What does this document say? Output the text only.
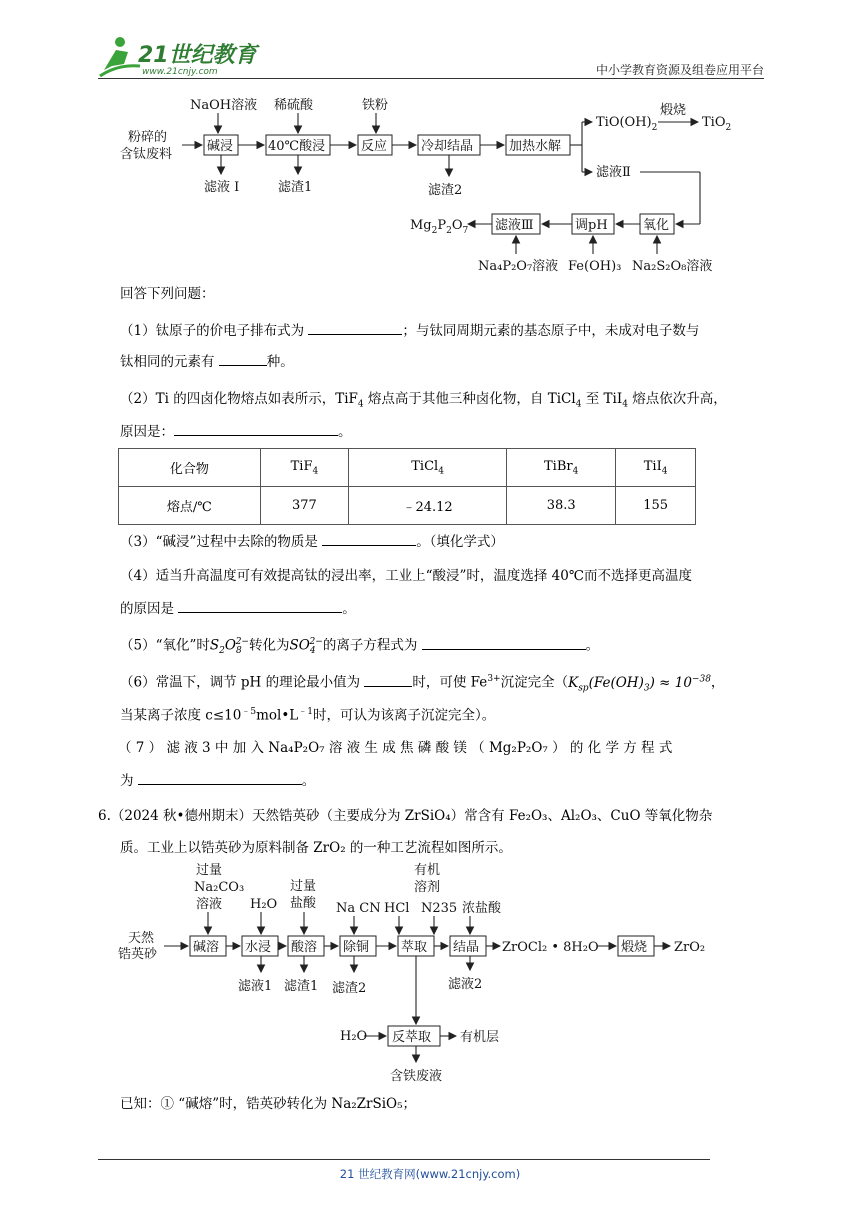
21世纪教育
www.21cnjy.com	中小学教育资源及组卷应用平台
粉碎的
含钛废料
NaOH溶液 稀硫酸	铁粉
碱浸	40℃酸浸	反应	冷却结晶	加热水解
滤液 I	滤渣1	滤渣2
$TiO(OH)_2$
煅烧
TiO$_2$
滤液Ⅱ
氧化
调pH
滤液Ⅲ
$Mg_2P_2O_7$
Na₄P₂O₇溶液 Fe(OH)₃ Na₂S₂O₈溶液
回答下列问题：
（1）钛原子的价电子排布式为	；与钛同周期元素的基态原子中，未成对电子数与
钛相同的元素有	种。
（2）Ti 的四卤化物熔点如表所示，TiF$_4$ 熔点高于其他三种卤化物，自 TiCl$_4$ 至 TiI$_4$ 熔点依次升高，
原因是：	。
化合物	TiF$_4$	TiCl$_4$	TiBr$_4$	TiI$_4$
熔点/℃	377	﹣24.12	38.3	155
（3）“碱浸”过程中去除的物质是	。（填化学式）
（4）适当升高温度可有效提高钛的浸出率，工业上“酸浸”时，温度选择 40℃而不选择更高温度
的原因是	。
（5）“氧化”时$S_2O_8^{2-}$转化为$SO_4^{2-}$的离子方程式为	。
（6）常温下，调节 pH 的理论最小值为	时，可使 $Fe^{3+}$沉淀完全（$K_{sp}(Fe(OH)_3) \approx 10^{-38}$，
当某离子浓度 $c\le 10^{﹣5}mol•L^{﹣1}$时，可认为该离子沉淀完全）。
（ 7 ） 滤 液 3 中 加 入 Na₄P₂O₇ 溶 液 生 成 焦 磷 酸 镁 （ Mg₂P₂O₇ ） 的 化 学 方 程 式
为	。
6.（2024 秋•德州期末）天然锆英砂（主要成分为 ZrSiO₄）常含有 Fe₂O₃、Al₂O₃、CuO 等氧化物杂
质。工业上以锆英砂为原料制备 ZrO₂ 的一种工艺流程如图所示。
天然
锆英砂
过量
Na₂CO₃
溶液 H₂O
过量
盐酸 Na CN
有机
溶剂
HCl N235 浓盐酸
碱溶 水浸 酸溶 除铜 萃取 结晶 ZrOCl₂ • 8H₂O 煅烧 ZrO₂
滤液1 滤渣1 滤渣2	滤液2
H₂O 反萃取 有机层
含铁废液
已知：① “碱熔”时，锆英砂转化为 Na₂ZrSiO₅；
21 世纪教育网(www.21cnjy.com)
